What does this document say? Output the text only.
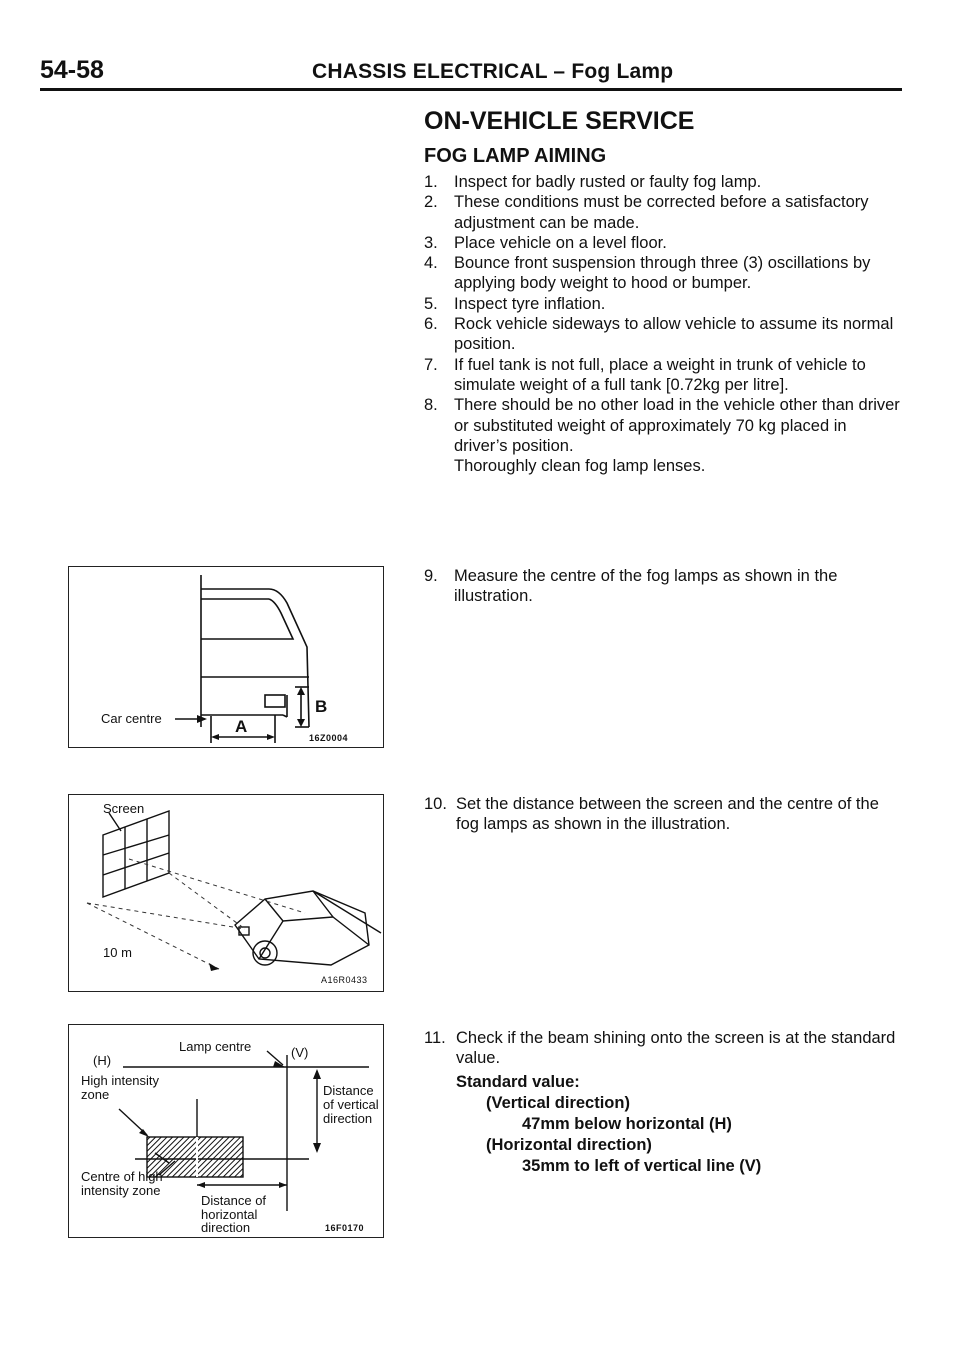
54-58	CHASSIS ELECTRICAL – Fog Lamp
ON-VEHICLE SERVICE
FOG LAMP AIMING
1. Inspect for badly rusted or faulty fog lamp.
2. These conditions must be corrected before a satisfactory adjustment can be made.
3. Place vehicle on a level floor.
4. Bounce front suspension through three (3) oscillations by applying body weight to hood or bumper.
5. Inspect tyre inflation.
6. Rock vehicle sideways to allow vehicle to assume its normal position.
7. If fuel tank is not full, place a weight in trunk of vehicle to simulate weight of a full tank [0.72kg per litre].
8. There should be no other load in the vehicle other than driver or substituted weight of approximately 70 kg placed in driver’s position.
Thoroughly clean fog lamp lenses.
9. Measure the centre of the fog lamps as shown in the illustration.
10. Set the distance between the screen and the centre of the fog lamps as shown in the illustration.
11. Check if the beam shining onto the screen is at the standard value.
Standard value:
(Vertical direction)
47mm below horizontal (H)
(Horizontal direction)
35mm to left of vertical line (V)
Car centre	A
B
16Z0004
Screen
10 m
A16R0433
Lamp centre
(H)
(V)
High intensity
zone	Distance
of vertical
direction
Centre of high
intensity zone
Distance of
horizontal
direction	16F0170
